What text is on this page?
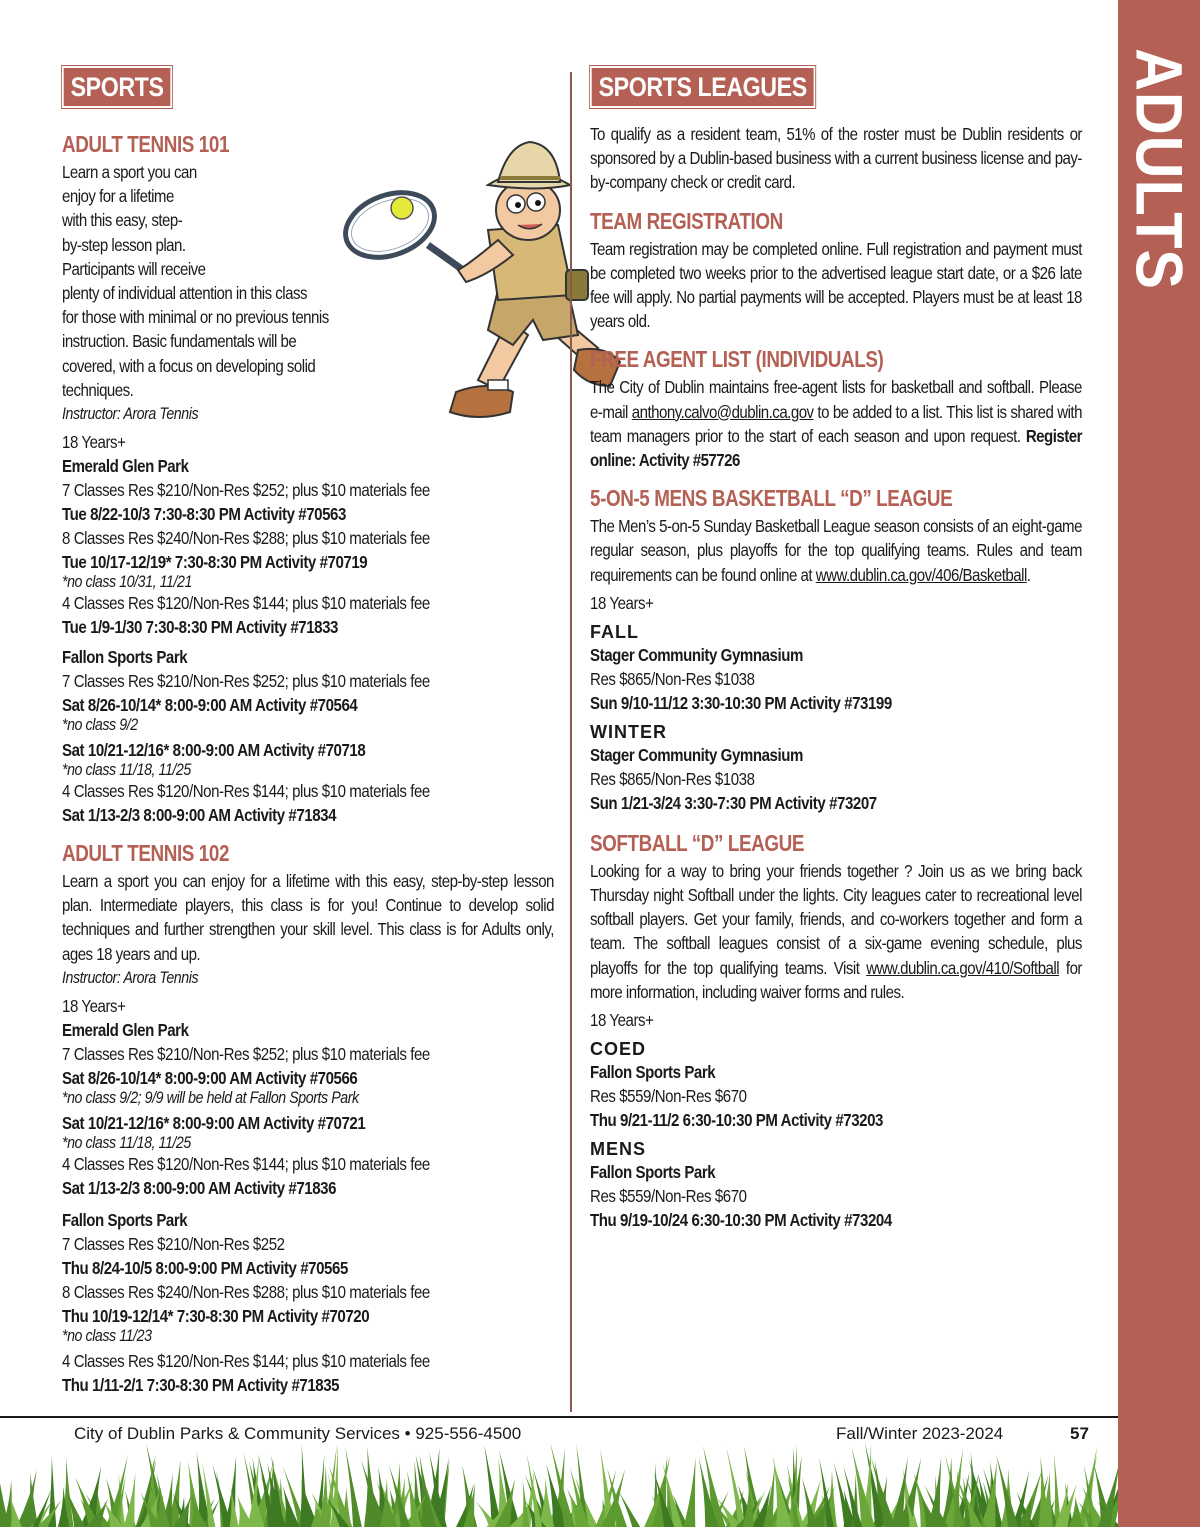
SPORTS
ADULT TENNIS 101
Learn a sport you can
enjoy for a lifetime
with this easy, step-
by-step lesson plan.
Participants will receive
plenty of individual attention in this class
for those with minimal or no previous tennis
instruction. Basic fundamentals will be
covered, with a focus on developing solid
techniques.
Instructor: Arora Tennis
18 Years+
Emerald Glen Park
7 Classes Res $210/Non-Res $252; plus $10 materials fee
Tue 8/22-10/3 7:30-8:30 PM Activity #70563
8 Classes Res $240/Non-Res $288; plus $10 materials fee
Tue 10/17-12/19* 7:30-8:30 PM Activity #70719
*no class 10/31, 11/21
4 Classes Res $120/Non-Res $144; plus $10 materials fee
Tue 1/9-1/30 7:30-8:30 PM Activity #71833
Fallon Sports Park
7 Classes Res $210/Non-Res $252; plus $10 materials fee
Sat 8/26-10/14* 8:00-9:00 AM Activity #70564
*no class 9/2
Sat 10/21-12/16* 8:00-9:00 AM Activity #70718
*no class 11/18, 11/25
4 Classes Res $120/Non-Res $144; plus $10 materials fee
Sat 1/13-2/3 8:00-9:00 AM Activity #71834
ADULT TENNIS 102

Learn a sport you can enjoy for a lifetime with this easy, step-by-step lesson plan. Intermediate players, this class is for you! Continue to develop solid techniques and further strengthen your skill level. This class is for Adults only, ages 18 years and up.

Instructor: Arora Tennis
18 Years+
Emerald Glen Park
7 Classes Res $210/Non-Res $252; plus $10 materials fee
Sat 8/26-10/14* 8:00-9:00 AM Activity #70566
*no class 9/2; 9/9 will be held at Fallon Sports Park
Sat 10/21-12/16* 8:00-9:00 AM Activity #70721
*no class 11/18, 11/25
4 Classes Res $120/Non-Res $144; plus $10 materials fee
Sat 1/13-2/3 8:00-9:00 AM Activity #71836
Fallon Sports Park
7 Classes Res $210/Non-Res $252
Thu 8/24-10/5 8:00-9:00 PM Activity #70565
8 Classes Res $240/Non-Res $288; plus $10 materials fee
Thu 10/19-12/14* 7:30-8:30 PM Activity #70720
*no class 11/23
4 Classes Res $120/Non-Res $144; plus $10 materials fee
Thu 1/11-2/1 7:30-8:30 PM Activity #71835
SPORTS LEAGUES

To qualify as a resident team, 51% of the roster must be Dublin residents or sponsored by a Dublin-based business with a current business license and pay-by-company check or credit card.

TEAM REGISTRATION

Team registration may be completed online. Full registration and payment must be completed two weeks prior to the advertised league start date, or a $26 late fee will apply. No partial payments will be accepted. Players must be at least 18 years old.

FREE AGENT LIST (INDIVIDUALS)

The City of Dublin maintains free-agent lists for basketball and softball. Please e-mail anthony.calvo@dublin.ca.gov to be added to a list. This list is shared with team managers prior to the start of each season and upon request. Register online: Activity #57726

5-ON-5 MENS BASKETBALL “D” LEAGUE

The Men’s 5-on-5 Sunday Basketball League season consists of an eight-game regular season, plus playoffs for the top qualifying teams. Rules and team requirements can be found online at www.dublin.ca.gov/406/Basketball.

18 Years+
FALL
Stager Community Gymnasium
Res $865/Non-Res $1038
Sun 9/10-11/12 3:30-10:30 PM Activity #73199
WINTER
Stager Community Gymnasium
Res $865/Non-Res $1038
Sun 1/21-3/24 3:30-7:30 PM Activity #73207
SOFTBALL “D” LEAGUE

Looking for a way to bring your friends together ? Join us as we bring back Thursday night Softball under the lights. City leagues cater to recreational level softball players. Get your family, friends, and co-workers together and form a team. The softball leagues consist of a six-game evening schedule, plus playoffs for the top qualifying teams. Visit www.dublin.ca.gov/410/Softball for more information, including waiver forms and rules.

18 Years+
COED
Fallon Sports Park
Res $559/Non-Res $670
Thu 9/21-11/2 6:30-10:30 PM Activity #73203
MENS
Fallon Sports Park
Res $559/Non-Res $670
Thu 9/19-10/24 6:30-10:30 PM Activity #73204
ADULTS
City of Dublin Parks & Community Services • 925-556-4500	Fall/Winter 2023-2024	57
